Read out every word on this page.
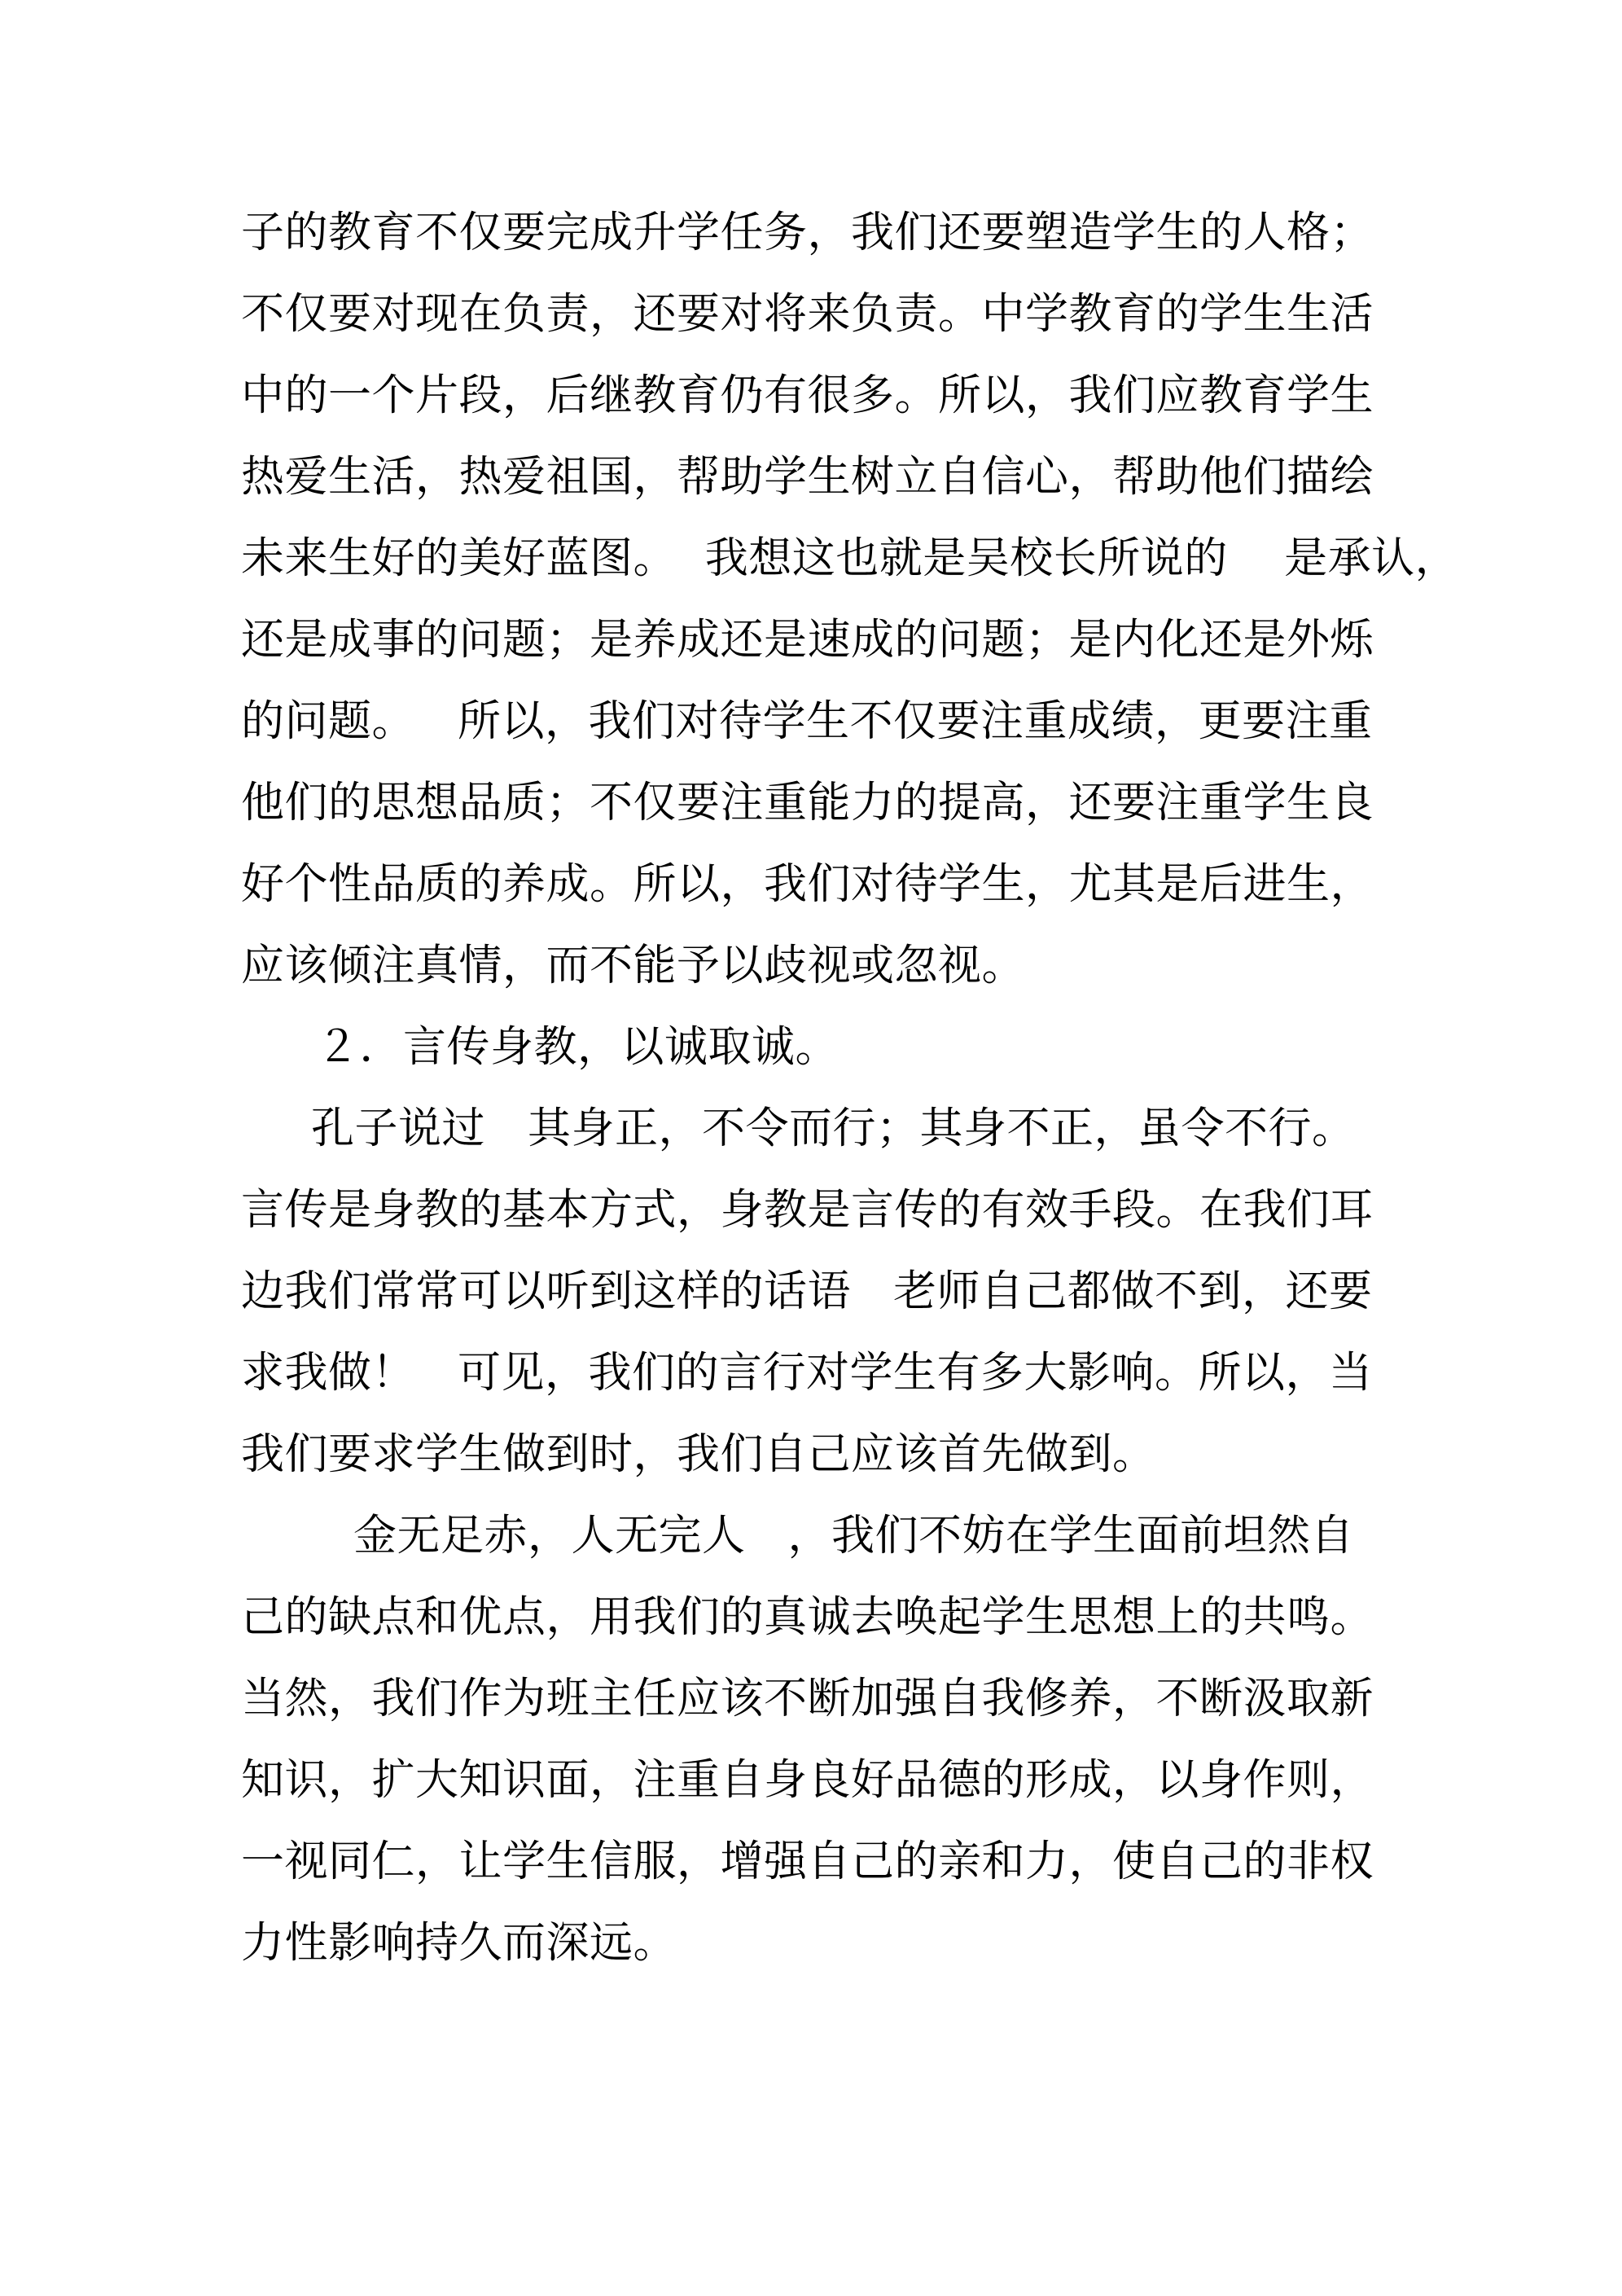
子的教育不仅要完成升学任务，我们还要塑造学生的人格；
不仅要对现在负责，还要对将来负责。中学教育的学生生活
中的一个片段，后继教育仍有很多。所以，我们应教育学生
热爱生活，热爱祖国，帮助学生树立自信心，帮助他们描绘
未来生好的美好蓝图。  我想这也就是吴校长所说的    是承认，
还是成事的问题；是养成还是速成的问题；是内化还是外烁
的问题。   所以，我们对待学生不仅要注重成绩，更要注重
他们的思想品质；不仅要注重能力的提高，还要注重学生良
好个性品质的养成。所以，我们对待学生，尤其是后进生，
应该倾注真情，而不能予以歧视或忽视。
２．言传身教，以诚取诚。
孔子说过   其身正，不令而行；其身不正，虽令不行。
言传是身教的基本方式，身教是言传的有效手段。在我们耳
边我们常常可以听到这样的话语   老师自己都做不到，还要
求我做！   可见，我们的言行对学生有多大影响。所以，当
我们要求学生做到时，我们自己应该首先做到。
金无足赤，人无完人   ，我们不妨在学生面前坦然自
己的缺点和优点，用我们的真诚去唤起学生思想上的共鸣。
当然，我们作为班主任应该不断加强自我修养，不断汲取新
知识，扩大知识面，注重自身良好品德的形成，以身作则，
一视同仁，让学生信服，增强自己的亲和力，使自己的非权
力性影响持久而深远。
